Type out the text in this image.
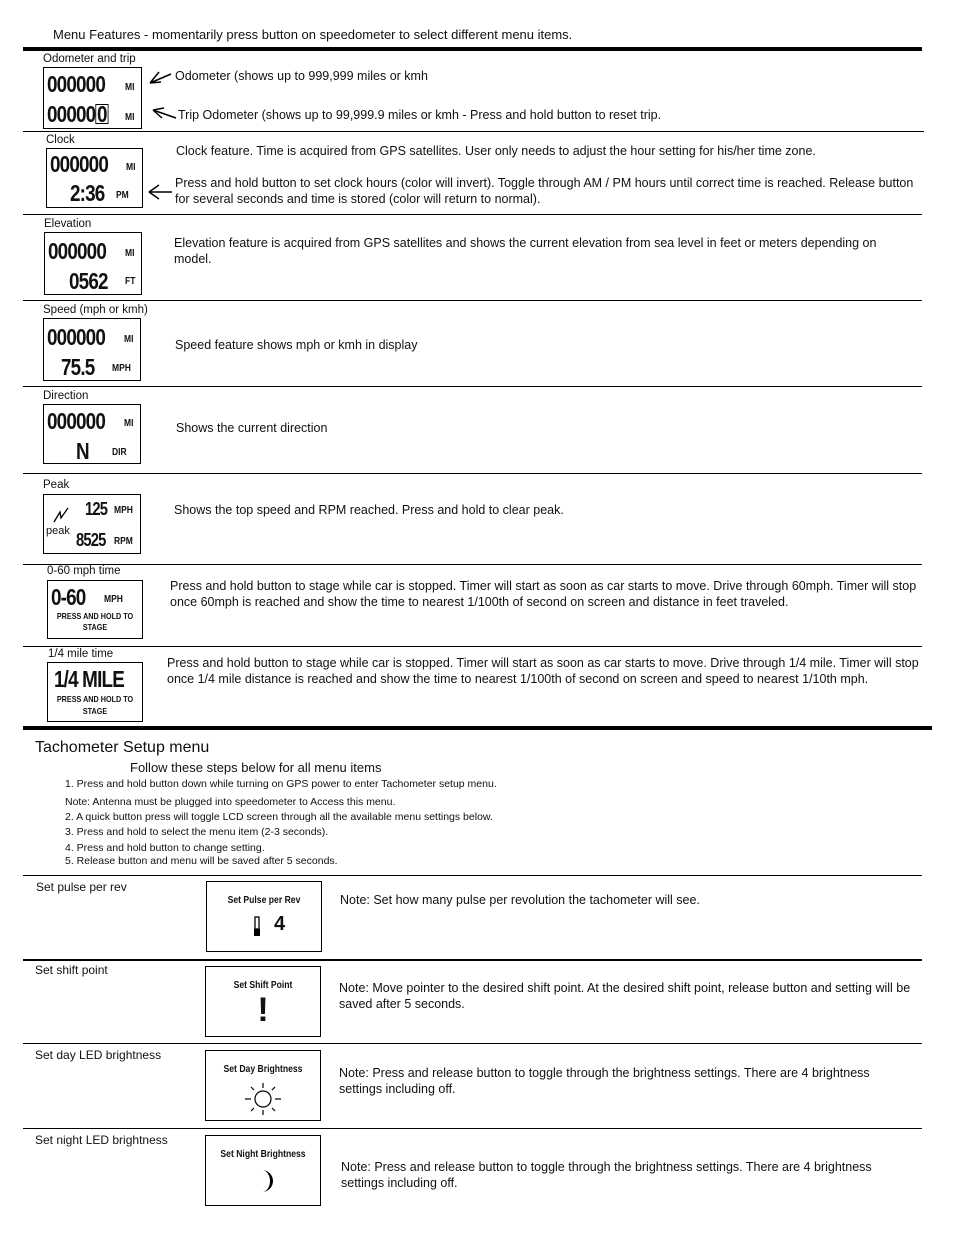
Menu Features - momentarily press button on speedometer to select different menu items.
Odometer and trip
000000 MI
000000 MI
Odometer (shows up to 999,999 miles or kmh
Trip Odometer (shows up to 99,999.9 miles or kmh - Press and hold button to reset trip.
Clock
000000 MI
2:36 PM
Clock feature. Time is acquired from GPS satellites. User only needs to adjust the hour setting for his/her time zone.
Press and hold button to set clock hours (color will invert). Toggle through AM / PM hours until correct time is reached. Release button for several seconds and time is stored (color will return to normal).
Elevation
000000 MI
0562 FT
Elevation feature is acquired from GPS satellites and shows the current elevation from sea level in feet or meters depending on model.
Speed (mph or kmh)
000000 MI
75.5 MPH
Speed feature shows mph or kmh in display
Direction
000000 MI
N DIR
Shows the current direction
Peak
peak
125 MPH
8525 RPM
Shows the top speed and RPM reached. Press and hold to clear peak.
0-60 mph time
0-60 MPH
PRESS AND HOLD TO
STAGE
Press and hold button to stage while car is stopped. Timer will start as soon as car starts to move. Drive through 60mph. Timer will stop once 60mph is reached and show the time to nearest 1/100th of second on screen and distance in feet traveled.
1/4 mile time
1/4 MILE
PRESS AND HOLD TO
STAGE
Press and hold button to stage while car is stopped. Timer will start as soon as car starts to move. Drive through 1/4 mile. Timer will stop once 1/4 mile distance is reached and show the time to nearest 1/100th of second on screen and speed to nearest 1/10th mph.
Tachometer Setup menu
Follow these steps below for all menu items
1. Press and hold button down while turning on GPS power to enter Tachometer setup menu.
Note: Antenna must be plugged into speedometer to Access this menu.
2. A quick button press will toggle LCD screen through all the available menu settings below.
3. Press and hold to select the menu item (2-3 seconds).
4. Press and hold button to change setting.
5. Release button and menu will be saved after 5 seconds.
Set pulse per rev
Set Pulse per Rev
4
Note: Set how many pulse per revolution the tachometer will see.
Set shift point
Set Shift Point
!
Note: Move pointer to the desired shift point. At the desired shift point, release button and setting will be saved after 5 seconds.
Set day LED brightness
Set Day Brightness	Note: Press and release button to toggle through the brightness settings. There are 4 brightness settings including off.
Set night LED brightness
Set Night Brightness
Note: Press and release button to toggle through the brightness settings. There are 4 brightness settings including off.
